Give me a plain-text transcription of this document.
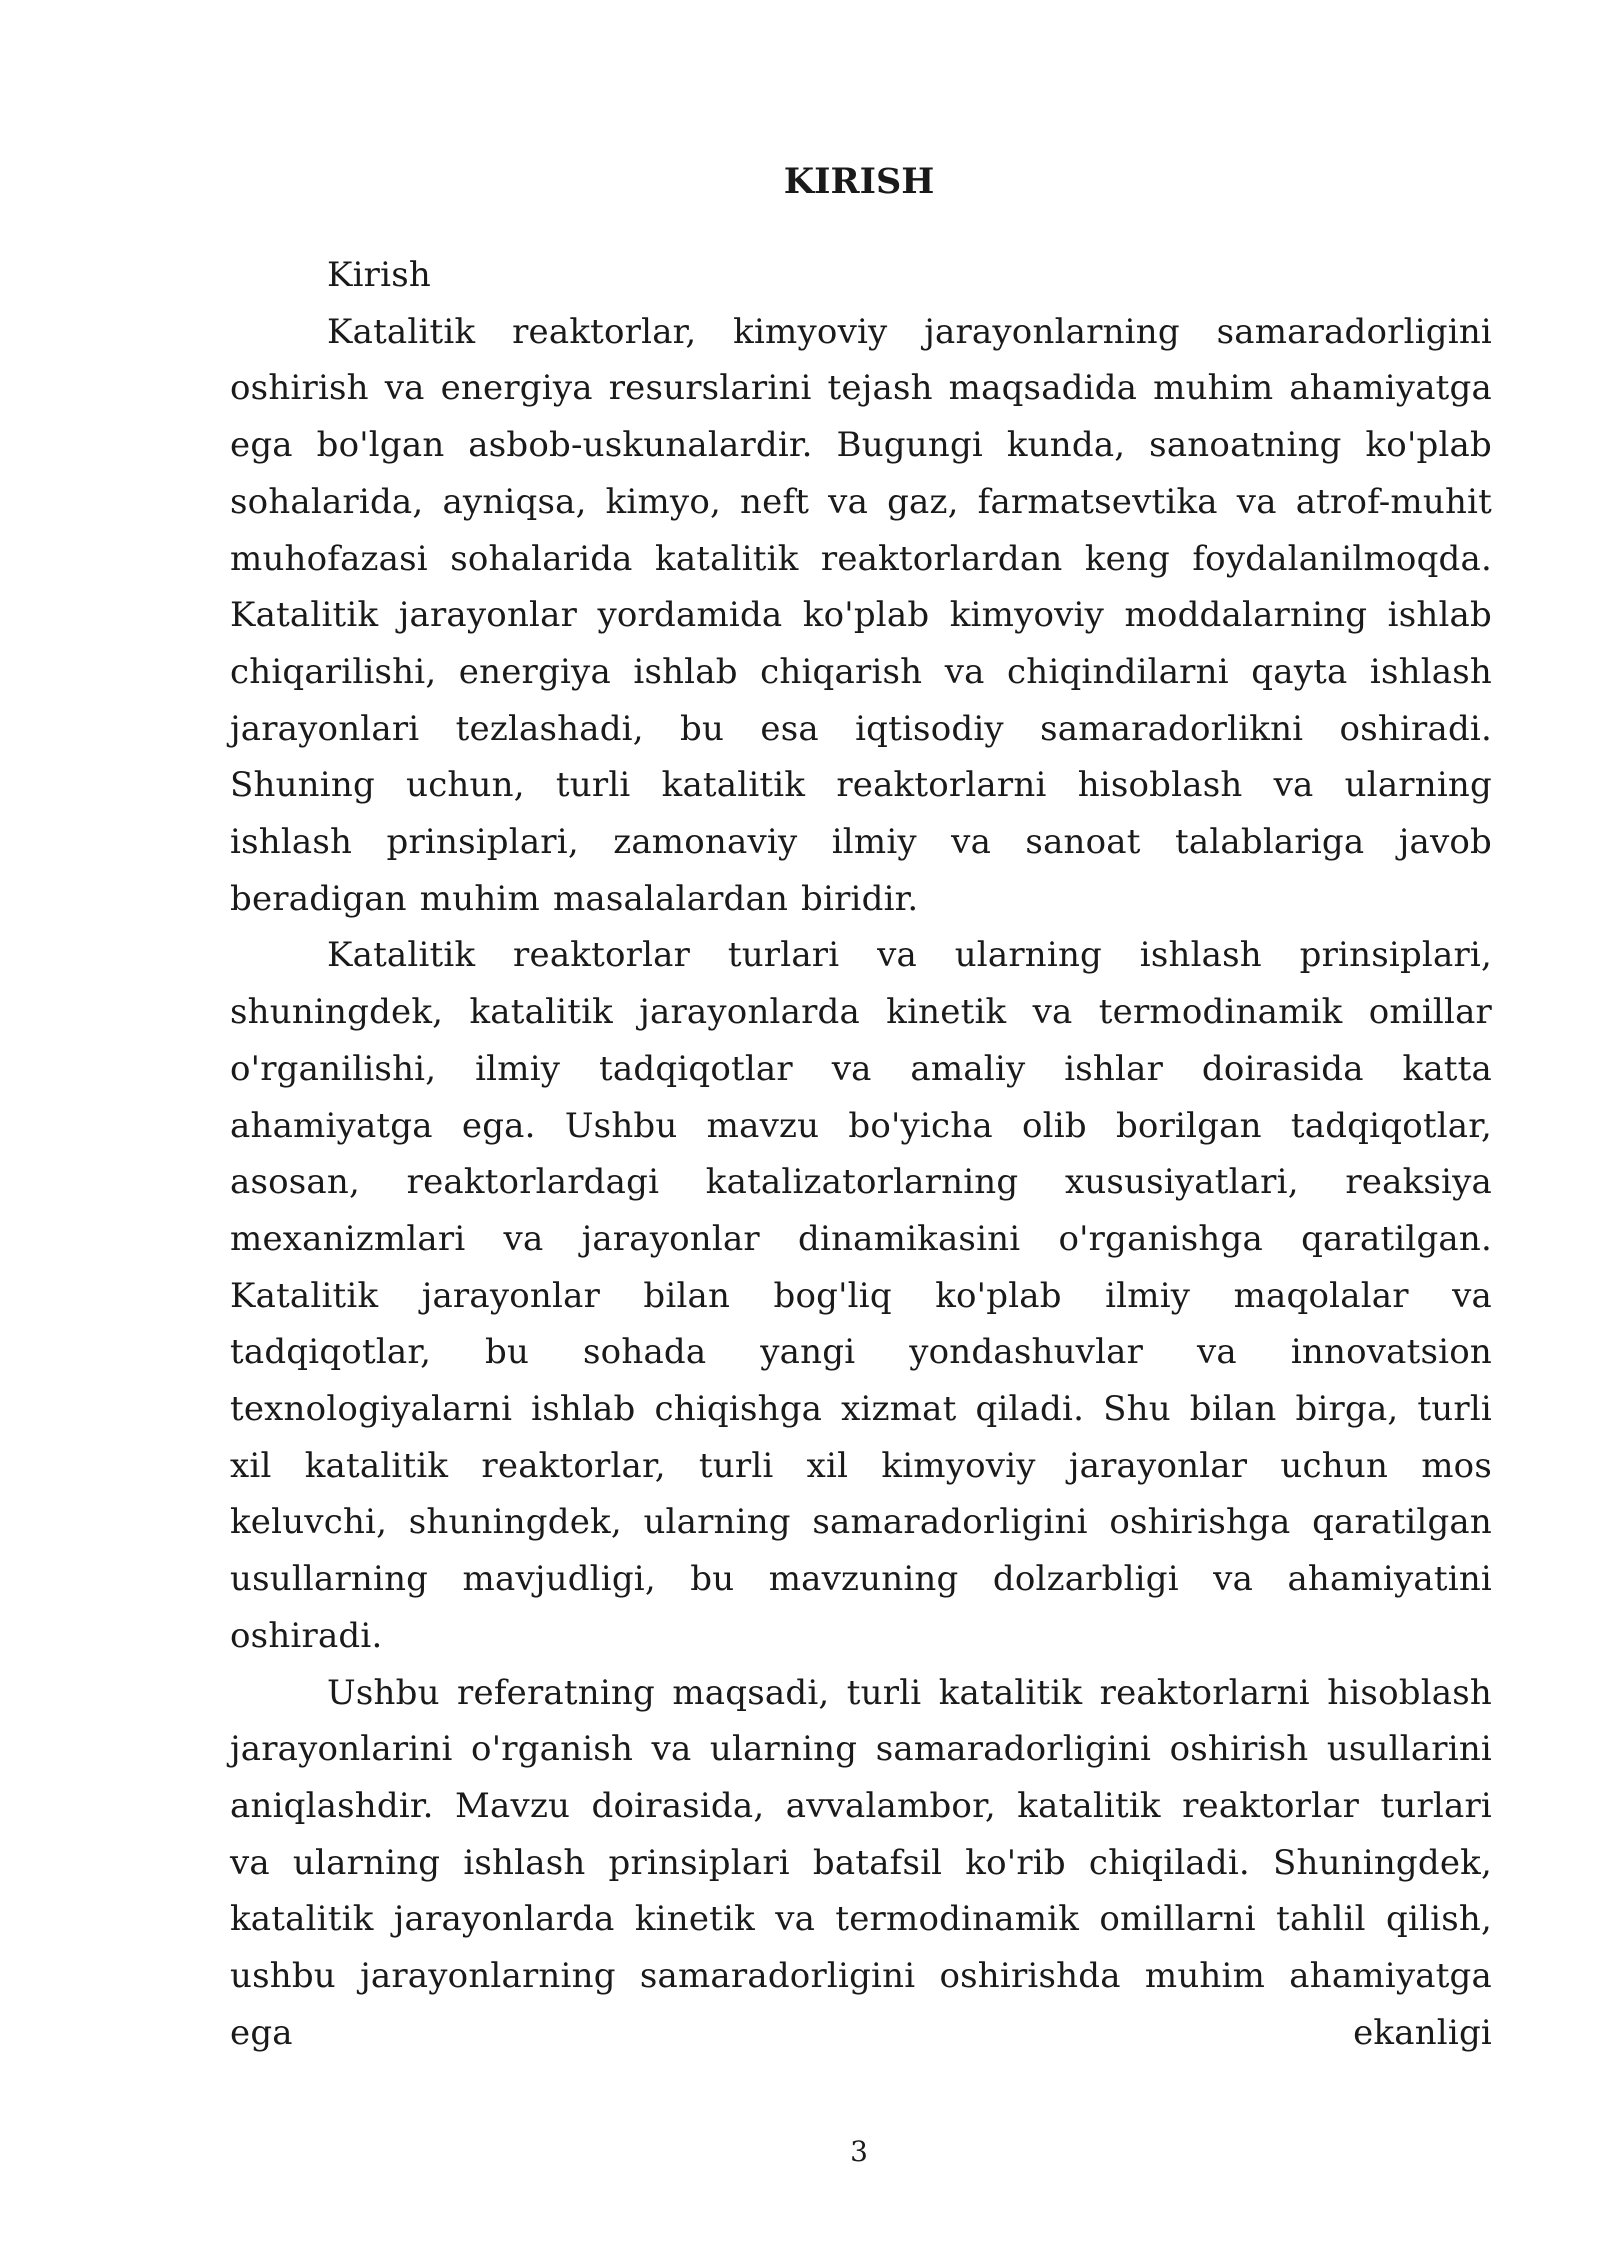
KIRISH

Kirish

Katalitik reaktorlar, kimyoviy jarayonlarning samaradorligini oshirish va energiya resurslarini tejash maqsadida muhim ahamiyatga ega bo'lgan asbob-uskunalardir. Bugungi kunda, sanoatning ko'plab sohalarida, ayniqsa, kimyo, neft va gaz, farmatsevtika va atrof-muhit muhofazasi sohalarida katalitik reaktorlardan keng foydalanilmoqda. Katalitik jarayonlar yordamida ko'plab kimyoviy moddalarning ishlab chiqarilishi, energiya ishlab chiqarish va chiqindilarni qayta ishlash jarayonlari tezlashadi, bu esa iqtisodiy samaradorlikni oshiradi. Shuning uchun, turli katalitik reaktorlarni hisoblash va ularning ishlash prinsiplari, zamonaviy ilmiy va sanoat talablariga javob beradigan muhim masalalardan biridir.

Katalitik reaktorlar turlari va ularning ishlash prinsiplari, shuningdek, katalitik jarayonlarda kinetik va termodinamik omillar o'rganilishi, ilmiy tadqiqotlar va amaliy ishlar doirasida katta ahamiyatga ega. Ushbu mavzu bo'yicha olib borilgan tadqiqotlar, asosan, reaktorlardagi katalizatorlarning xususiyatlari, reaksiya mexanizmlari va jarayonlar dinamikasini o'rganishga qaratilgan. Katalitik jarayonlar bilan bog'liq ko'plab ilmiy maqolalar va tadqiqotlar, bu sohada yangi yondashuvlar va innovatsion texnologiyalarni ishlab chiqishga xizmat qiladi. Shu bilan birga, turli xil katalitik reaktorlar, turli xil kimyoviy jarayonlar uchun mos keluvchi, shuningdek, ularning samaradorligini oshirishga qaratilgan usullarning mavjudligi, bu mavzuning dolzarbligi va ahamiyatini oshiradi.

Ushbu referatning maqsadi, turli katalitik reaktorlarni hisoblash jarayonlarini o'rganish va ularning samaradorligini oshirish usullarini aniqlashdir. Mavzu doirasida, avvalambor, katalitik reaktorlar turlari va ularning ishlash prinsiplari batafsil ko'rib chiqiladi. Shuningdek, katalitik jarayonlarda kinetik va termodinamik omillarni tahlil qilish, ushbu jarayonlarning samaradorligini oshirishda muhim ahamiyatga ega ekanligi

3
